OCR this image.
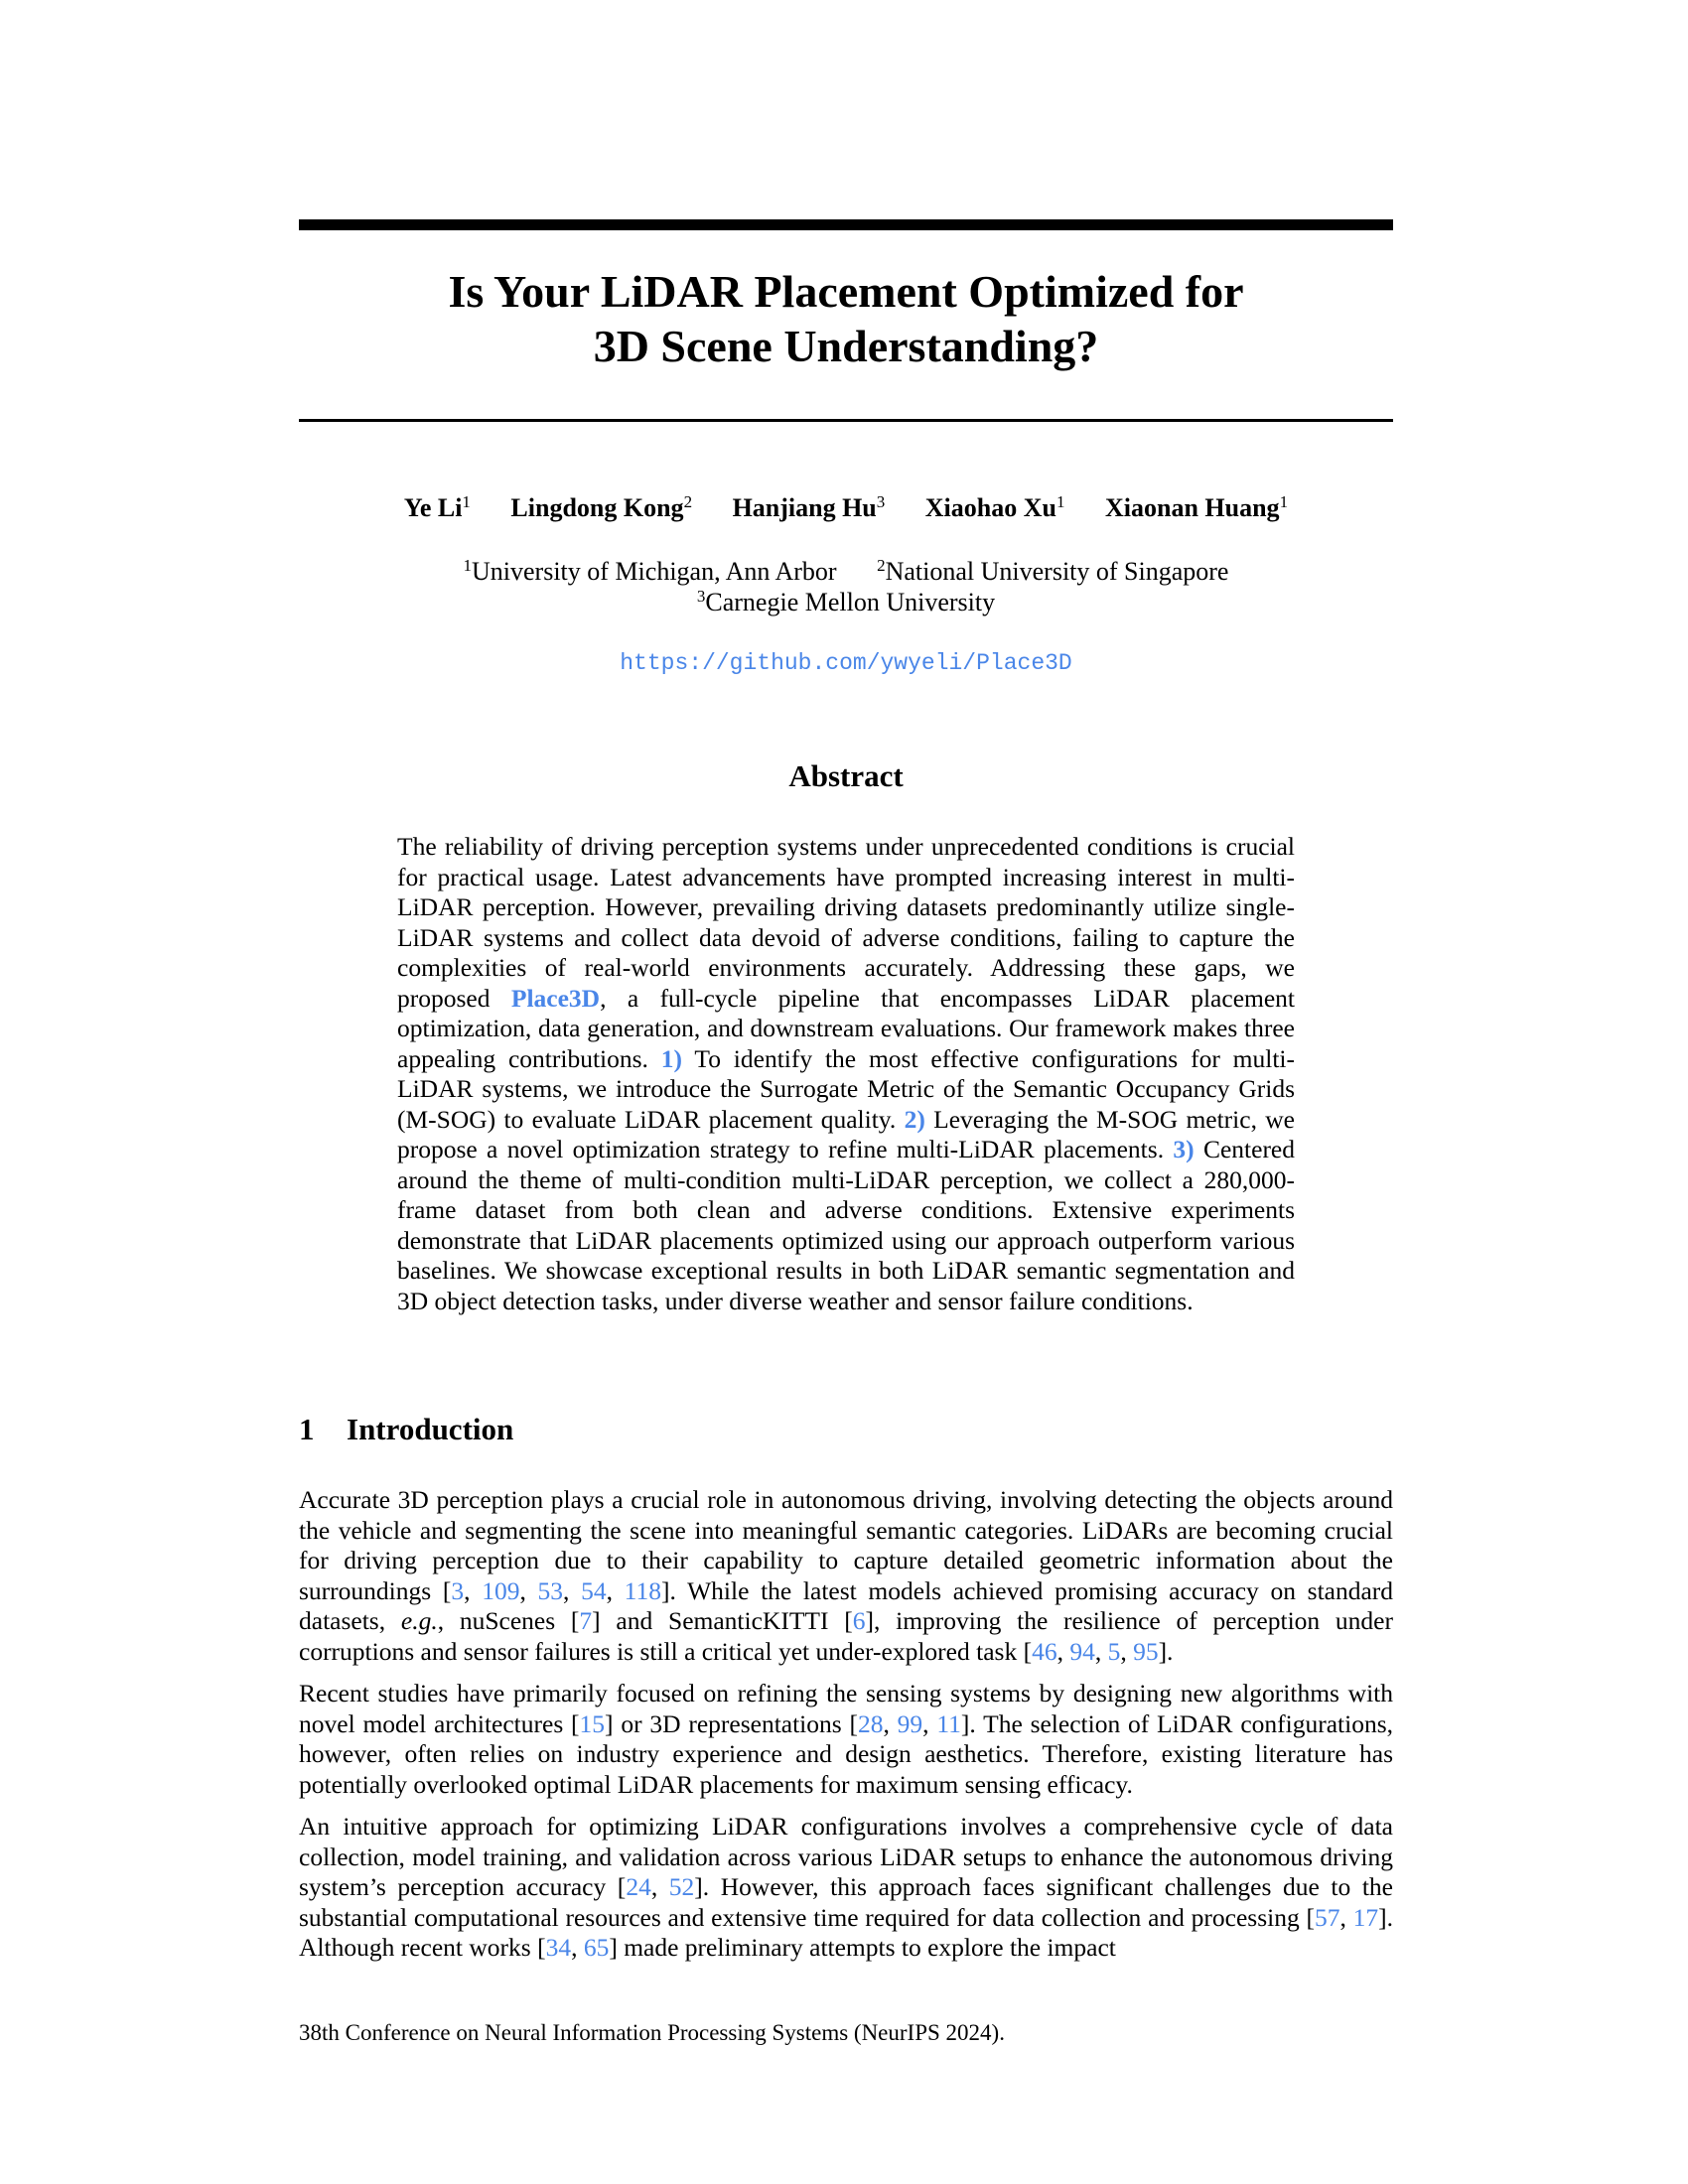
Is Your LiDAR Placement Optimized for
3D Scene Understanding?
Ye Li$^1$ Lingdong Kong$^2$ Hanjiang Hu$^3$ Xiaohao Xu$^1$ Xiaonan Huang$^1$
$^1$University of Michigan, Ann Arbor $^2$National University of Singapore
$^3$Carnegie Mellon University
https://github.com/ywyeli/Place3D
Abstract
The reliability of driving perception systems under unprecedented conditions is crucial for practical usage. Latest advancements have prompted increasing interest in multi-LiDAR perception. However, prevailing driving datasets predominantly utilize single-LiDAR systems and collect data devoid of adverse conditions, failing to capture the complexities of real-world environments accurately. Addressing these gaps, we proposed Place3D, a full-cycle pipeline that encompasses LiDAR placement optimization, data generation, and downstream evaluations. Our framework makes three appealing contributions. 1) To identify the most effective configurations for multi-LiDAR systems, we introduce the Surrogate Metric of the Semantic Occupancy Grids (M-SOG) to evaluate LiDAR placement quality. 2) Leveraging the M-SOG metric, we propose a novel optimization strategy to refine multi-LiDAR placements. 3) Centered around the theme of multi-condition multi-LiDAR perception, we collect a 280,000-frame dataset from both clean and adverse conditions. Extensive experiments demonstrate that LiDAR placements optimized using our approach outperform various baselines. We showcase exceptional results in both LiDAR semantic segmentation and 3D object detection tasks, under diverse weather and sensor failure conditions.
1 Introduction

Accurate 3D perception plays a crucial role in autonomous driving, involving detecting the objects around the vehicle and segmenting the scene into meaningful semantic categories. LiDARs are becoming crucial for driving perception due to their capability to capture detailed geometric information about the surroundings [3, 109, 53, 54, 118]. While the latest models achieved promising accuracy on standard datasets, e.g., nuScenes [7] and SemanticKITTI [6], improving the resilience of perception under corruptions and sensor failures is still a critical yet under-explored task [46, 94, 5, 95].

Recent studies have primarily focused on refining the sensing systems by designing new algorithms with novel model architectures [15] or 3D representations [28, 99, 11]. The selection of LiDAR configurations, however, often relies on industry experience and design aesthetics. Therefore, existing literature has potentially overlooked optimal LiDAR placements for maximum sensing efficacy.

An intuitive approach for optimizing LiDAR configurations involves a comprehensive cycle of data collection, model training, and validation across various LiDAR setups to enhance the autonomous driving system’s perception accuracy [24, 52]. However, this approach faces significant challenges due to the substantial computational resources and extensive time required for data collection and processing [57, 17]. Although recent works [34, 65] made preliminary attempts to explore the impact

38th Conference on Neural Information Processing Systems (NeurIPS 2024).
